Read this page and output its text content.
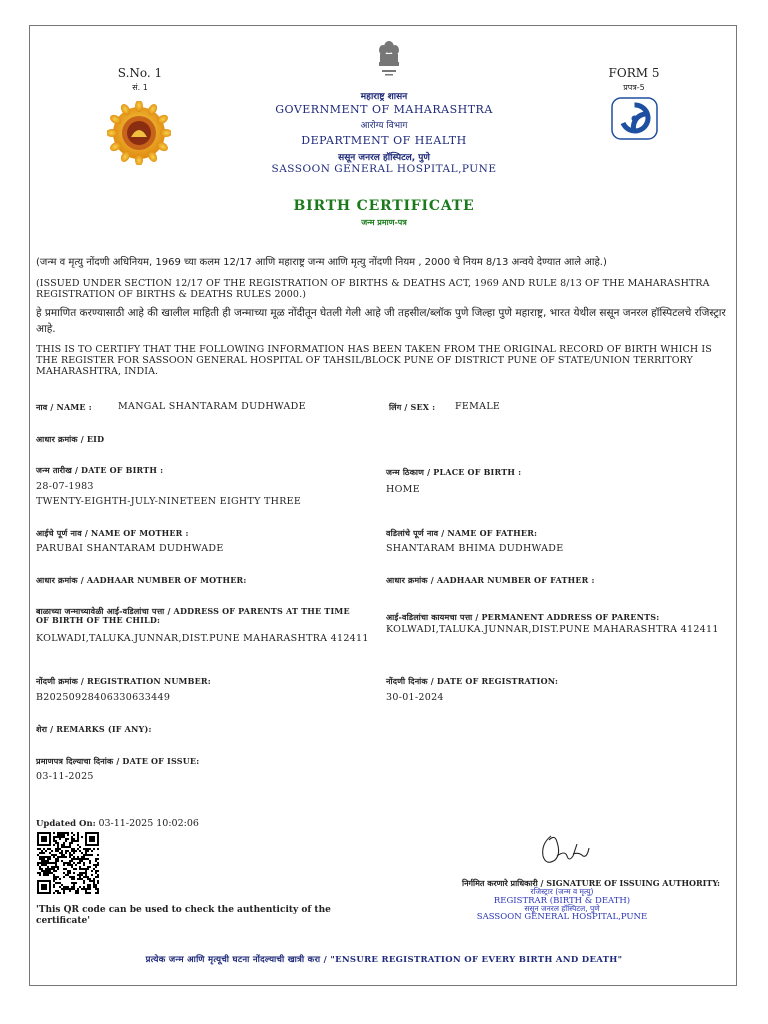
S.No. 1
सं. 1
महाराष्ट्र शासन
GOVERNMENT OF MAHARASHTRA
आरोग्य विभाग
DEPARTMENT OF HEALTH
ससून जनरल हॉस्पिटल, पुणे
SASSOON GENERAL HOSPITAL,PUNE
FORM 5
प्रपत्र-5
BIRTH CERTIFICATE
जन्म प्रमाण-पत्र
(जन्म व मृत्यु नोंदणी अधिनियम, 1969 च्या कलम 12/17 आणि महाराष्ट्र जन्म आणि मृत्यु नोंदणी नियम , 2000 चे नियम 8/13 अन्वये देण्यात आले आहे.)
(ISSUED UNDER SECTION 12/17 OF THE REGISTRATION OF BIRTHS & DEATHS ACT, 1969 AND RULE 8/13 OF THE MAHARASHTRA REGISTRATION OF BIRTHS & DEATHS RULES 2000.)
हे प्रमाणित करण्यासाठी आहे की खालील माहिती ही जन्माच्या मूळ नोंदीतून घेतली गेली आहे जी तहसील/ब्लॉक पुणे जिल्हा पुणे महाराष्ट्र, भारत येथील ससून जनरल हॉस्पिटलचे रजिस्ट्रार आहे.
THIS IS TO CERTIFY THAT THE FOLLOWING INFORMATION HAS BEEN TAKEN FROM THE ORIGINAL RECORD OF BIRTH WHICH IS THE REGISTER FOR SASSOON GENERAL HOSPITAL OF TAHSIL/BLOCK PUNE OF DISTRICT PUNE OF STATE/UNION TERRITORY MAHARASHTRA, INDIA.
नाव / NAME :	MANGAL SHANTARAM DUDHWADE	लिंग / SEX : FEMALE
आधार क्रमांक / EID
जन्म तारीख / DATE OF BIRTH :
28-07-1983
TWENTY-EIGHTH-JULY-NINETEEN EIGHTY THREE
जन्म ठिकाण / PLACE OF BIRTH :
HOME
आईचे पूर्ण नाव / NAME OF MOTHER :
PARUBAI SHANTARAM DUDHWADE
वडिलांचे पूर्ण नाव / NAME OF FATHER:
SHANTARAM BHIMA DUDHWADE
आधार क्रमांक / AADHAAR NUMBER OF MOTHER:	आधार क्रमांक / AADHAAR NUMBER OF FATHER :
बाळाच्या जन्माच्यावेळी आई-वडिलांचा पत्ता / ADDRESS OF PARENTS AT THE TIME OF BIRTH OF THE CHILD:
KOLWADI,TALUKA.JUNNAR,DIST.PUNE MAHARASHTRA 412411
आई-वडिलांचा कायमचा पत्ता / PERMANENT ADDRESS OF PARENTS:
KOLWADI,TALUKA.JUNNAR,DIST.PUNE MAHARASHTRA 412411
नोंदणी क्रमांक / REGISTRATION NUMBER:
B20250928406330633449
नोंदणी दिनांक / DATE OF REGISTRATION:
30-01-2024
शेरा / REMARKS (IF ANY):
प्रमाणपत्र दिल्याचा दिनांक / DATE OF ISSUE:
03-11-2025
Updated On: 03-11-2025 10:02:06
'This QR code can be used to check the authenticity of the certificate'
निर्गमित करणारे प्राधिकारी / SIGNATURE OF ISSUING AUTHORITY:
रजिस्ट्रार (जन्म व मृत्यु)
REGISTRAR (BIRTH & DEATH)
ससून जनरल हॉस्पिटल, पुणे
SASSOON GENERAL HOSPITAL,PUNE
प्रत्येक जन्म आणि मृत्यूची घटना नोंदल्याची खात्री करा / "ENSURE REGISTRATION OF EVERY BIRTH AND DEATH"
